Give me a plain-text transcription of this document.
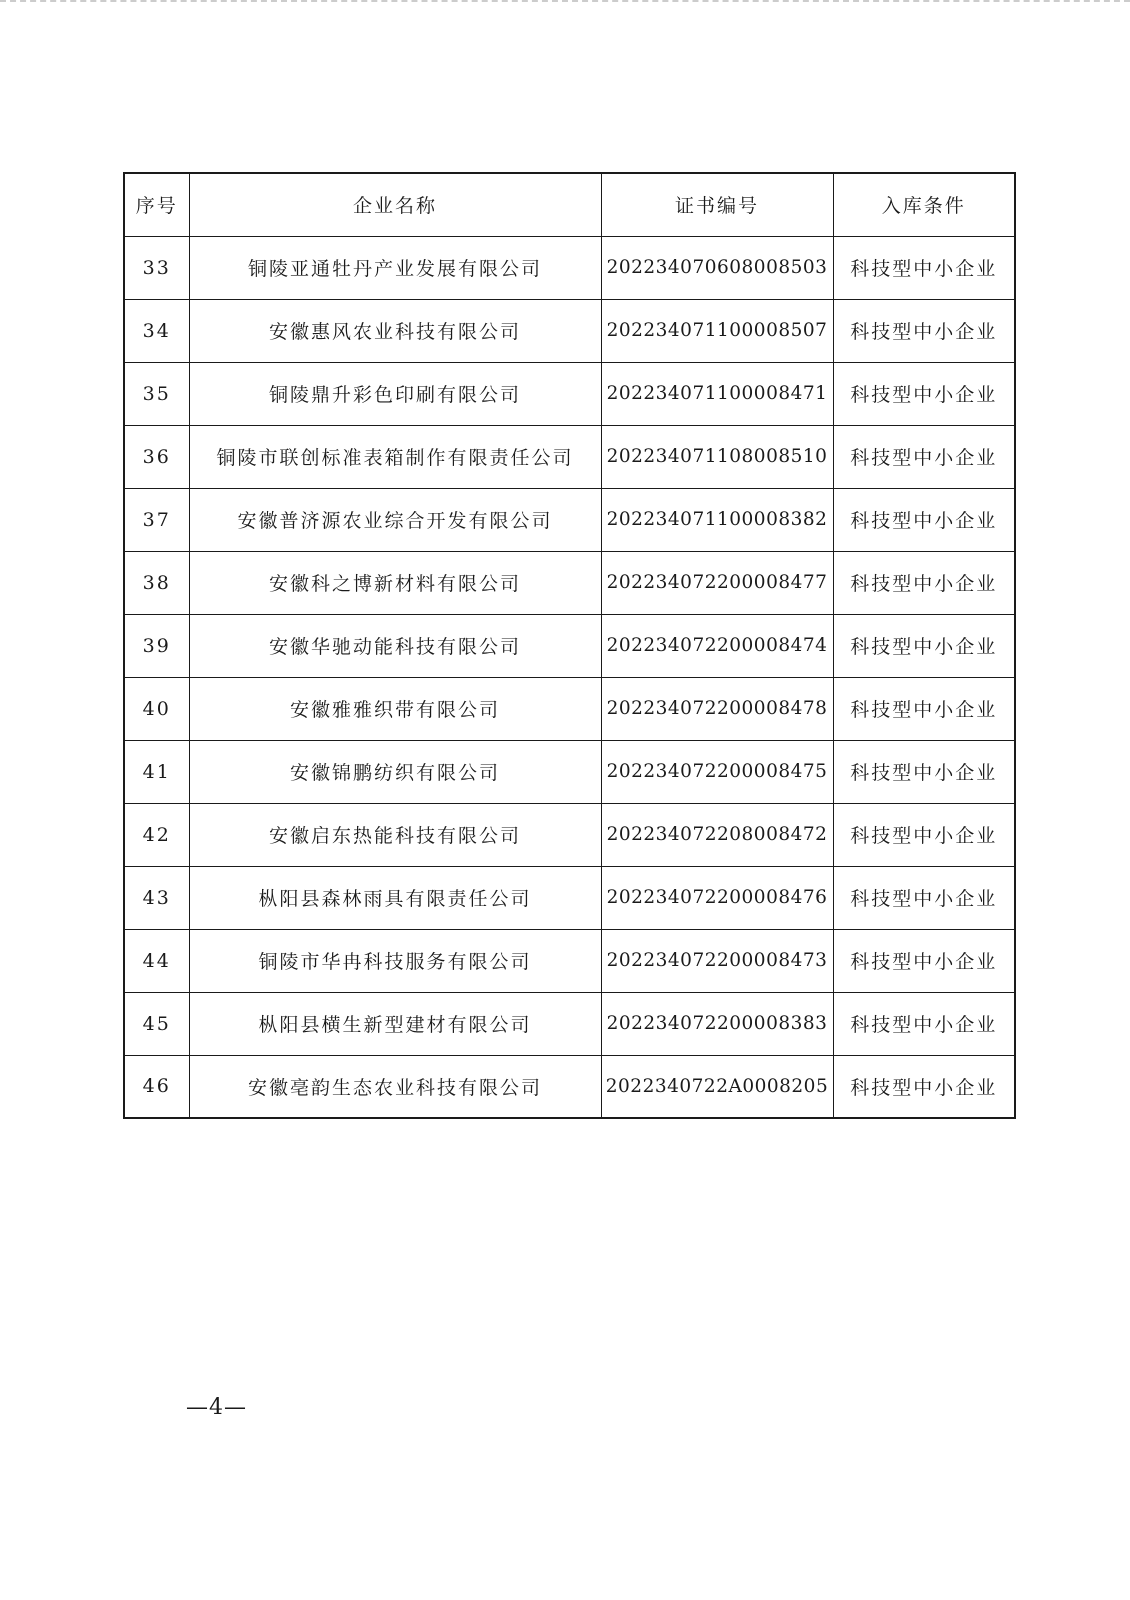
序号	企业名称	证书编号	入库条件
33	铜陵亚通牡丹产业发展有限公司	202234070608008503	科技型中小企业
34	安徽惠风农业科技有限公司	202234071100008507	科技型中小企业
35	铜陵鼎升彩色印刷有限公司	202234071100008471	科技型中小企业
36	铜陵市联创标准表箱制作有限责任公司	202234071108008510	科技型中小企业
37	安徽普济源农业综合开发有限公司	202234071100008382	科技型中小企业
38	安徽科之博新材料有限公司	202234072200008477	科技型中小企业
39	安徽华驰动能科技有限公司	202234072200008474	科技型中小企业
40	安徽雅雅织带有限公司	202234072200008478	科技型中小企业
41	安徽锦鹏纺织有限公司	202234072200008475	科技型中小企业
42	安徽启东热能科技有限公司	202234072208008472	科技型中小企业
43	枞阳县森林雨具有限责任公司	202234072200008476	科技型中小企业
44	铜陵市华冉科技服务有限公司	202234072200008473	科技型中小企业
45	枞阳县横生新型建材有限公司	202234072200008383	科技型中小企业
46	安徽亳韵生态农业科技有限公司	2022340722A0008205	科技型中小企业
—4—
